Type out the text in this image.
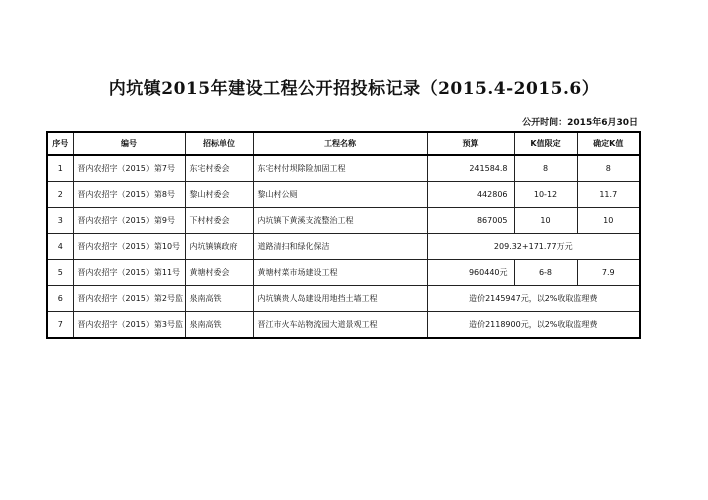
内坑镇2015年建设工程公开招投标记录（2015.4-2015.6）
公开时间：2015年6月30日
序号	编号	招标单位	工程名称	预算	K值限定	确定K值
1	晋内农招字（2015）第7号	东宅村委会	东宅村付坝除险加固工程	241584.8	8	8
2	晋内农招字（2015）第8号	黎山村委会	黎山村公厕	442806	10-12	11.7
3	晋内农招字（2015）第9号	下村村委会	内坑镇下黄溪支流整治工程	867005	10	10
4	晋内农招字（2015）第10号	内坑镇镇政府	道路清扫和绿化保洁	209.32+171.77万元		
5	晋内农招字（2015）第11号	黄塘村委会	黄塘村菜市场建设工程	960440元	6-8	7.9
6	晋内农招字（2015）第2号监	泉南高铁	内坑镇贵人岛建设用地挡土墙工程	造价2145947元，以2%收取监理费		
7	晋内农招字（2015）第3号监	泉南高铁	晋江市火车站物流园大道景观工程	造价2118900元，以2%收取监理费		
